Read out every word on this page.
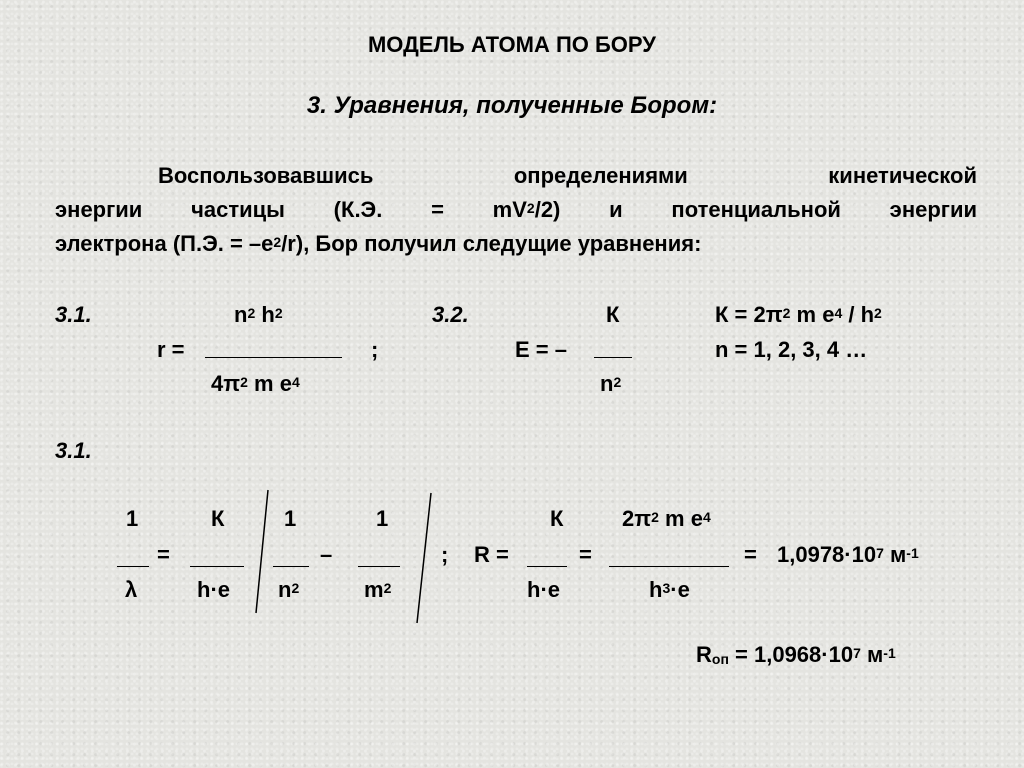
МОДЕЛЬ АТОМА ПО БОРУ
3. Уравнения, полученные Бором:
Воспользовавшись определениями кинетической
энергии частицы (К.Э. = $mV^2/2$) и потенциальной энергии
электрона (П.Э. = $-e^2/r$), Бор получил следущие уравнения:
3.1.	$n^2$ $h^2$
r =	;
$4\pi^2$ m $e^4$
3.2.	К
E = –
$n^2$
$К = 2\pi^2$ m $e^4 / h^2$
n = 1, 2, 3, 4 …
3.1.
1	К	1	1	К	$2\pi^2$ m $e^4$
=	–	; R =	=	= $1,0978\cdot 10^7$ $м^{-1}$
λ	h·e $n^2$	$m^2$	h·e	$h^3\cdot e$
$R_{оп} = 1,0968\cdot 10^7$ $м^{-1}$
